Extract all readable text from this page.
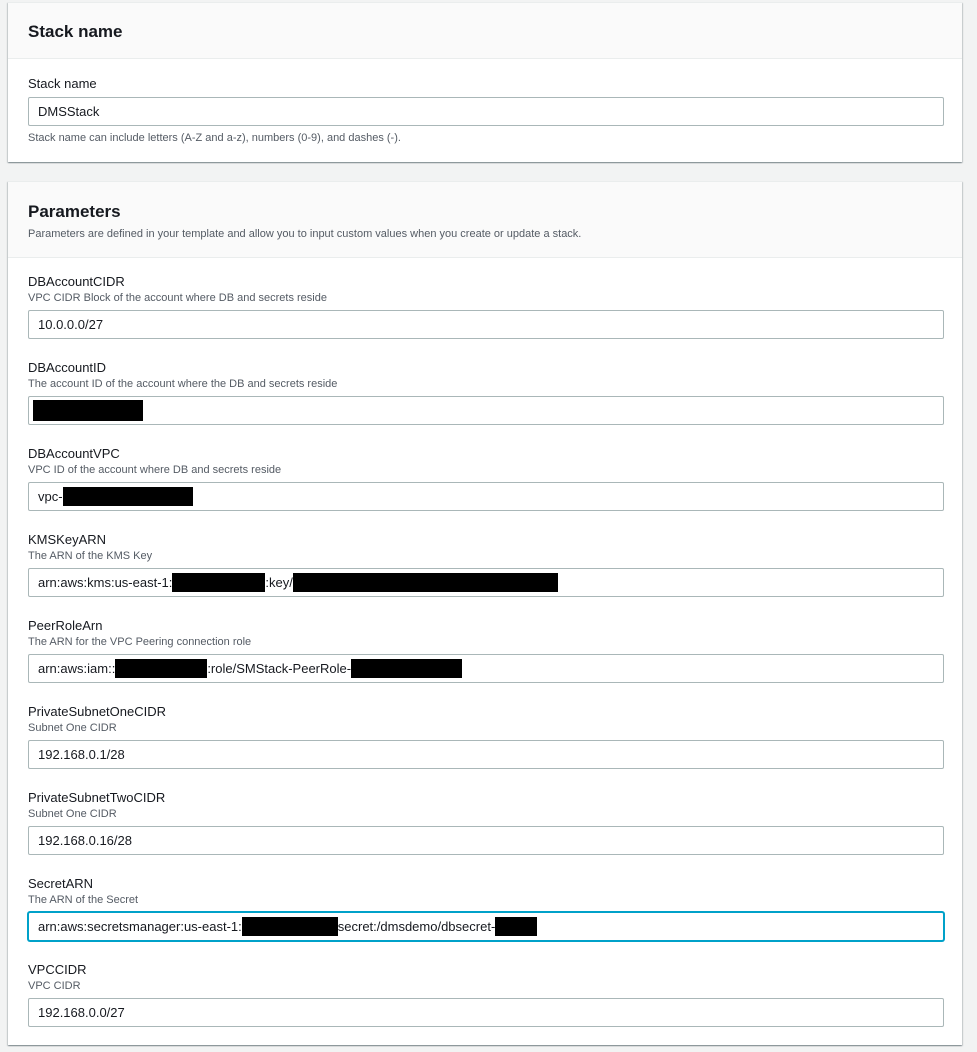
Stack name
Stack name
DMSStack
Stack name can include letters (A-Z and a-z), numbers (0-9), and dashes (-).
Parameters
Parameters are defined in your template and allow you to input custom values when you create or update a stack.
DBAccountCIDR
VPC CIDR Block of the account where DB and secrets reside
10.0.0.0/27
DBAccountID
The account ID of the account where the DB and secrets reside
DBAccountVPC
VPC ID of the account where DB and secrets reside
vpc-
KMSKeyARN
The ARN of the KMS Key
arn:aws:kms:us-east-1:	:key/
PeerRoleArn
The ARN for the VPC Peering connection role
arn:aws:iam::	:role/SMStack-PeerRole-
PrivateSubnetOneCIDR
Subnet One CIDR
192.168.0.1/28
PrivateSubnetTwoCIDR
Subnet One CIDR
192.168.0.16/28
SecretARN
The ARN of the Secret
arn:aws:secretsmanager:us-east-1:	secret:/dmsdemo/dbsecret-
VPCCIDR
VPC CIDR
192.168.0.0/27
